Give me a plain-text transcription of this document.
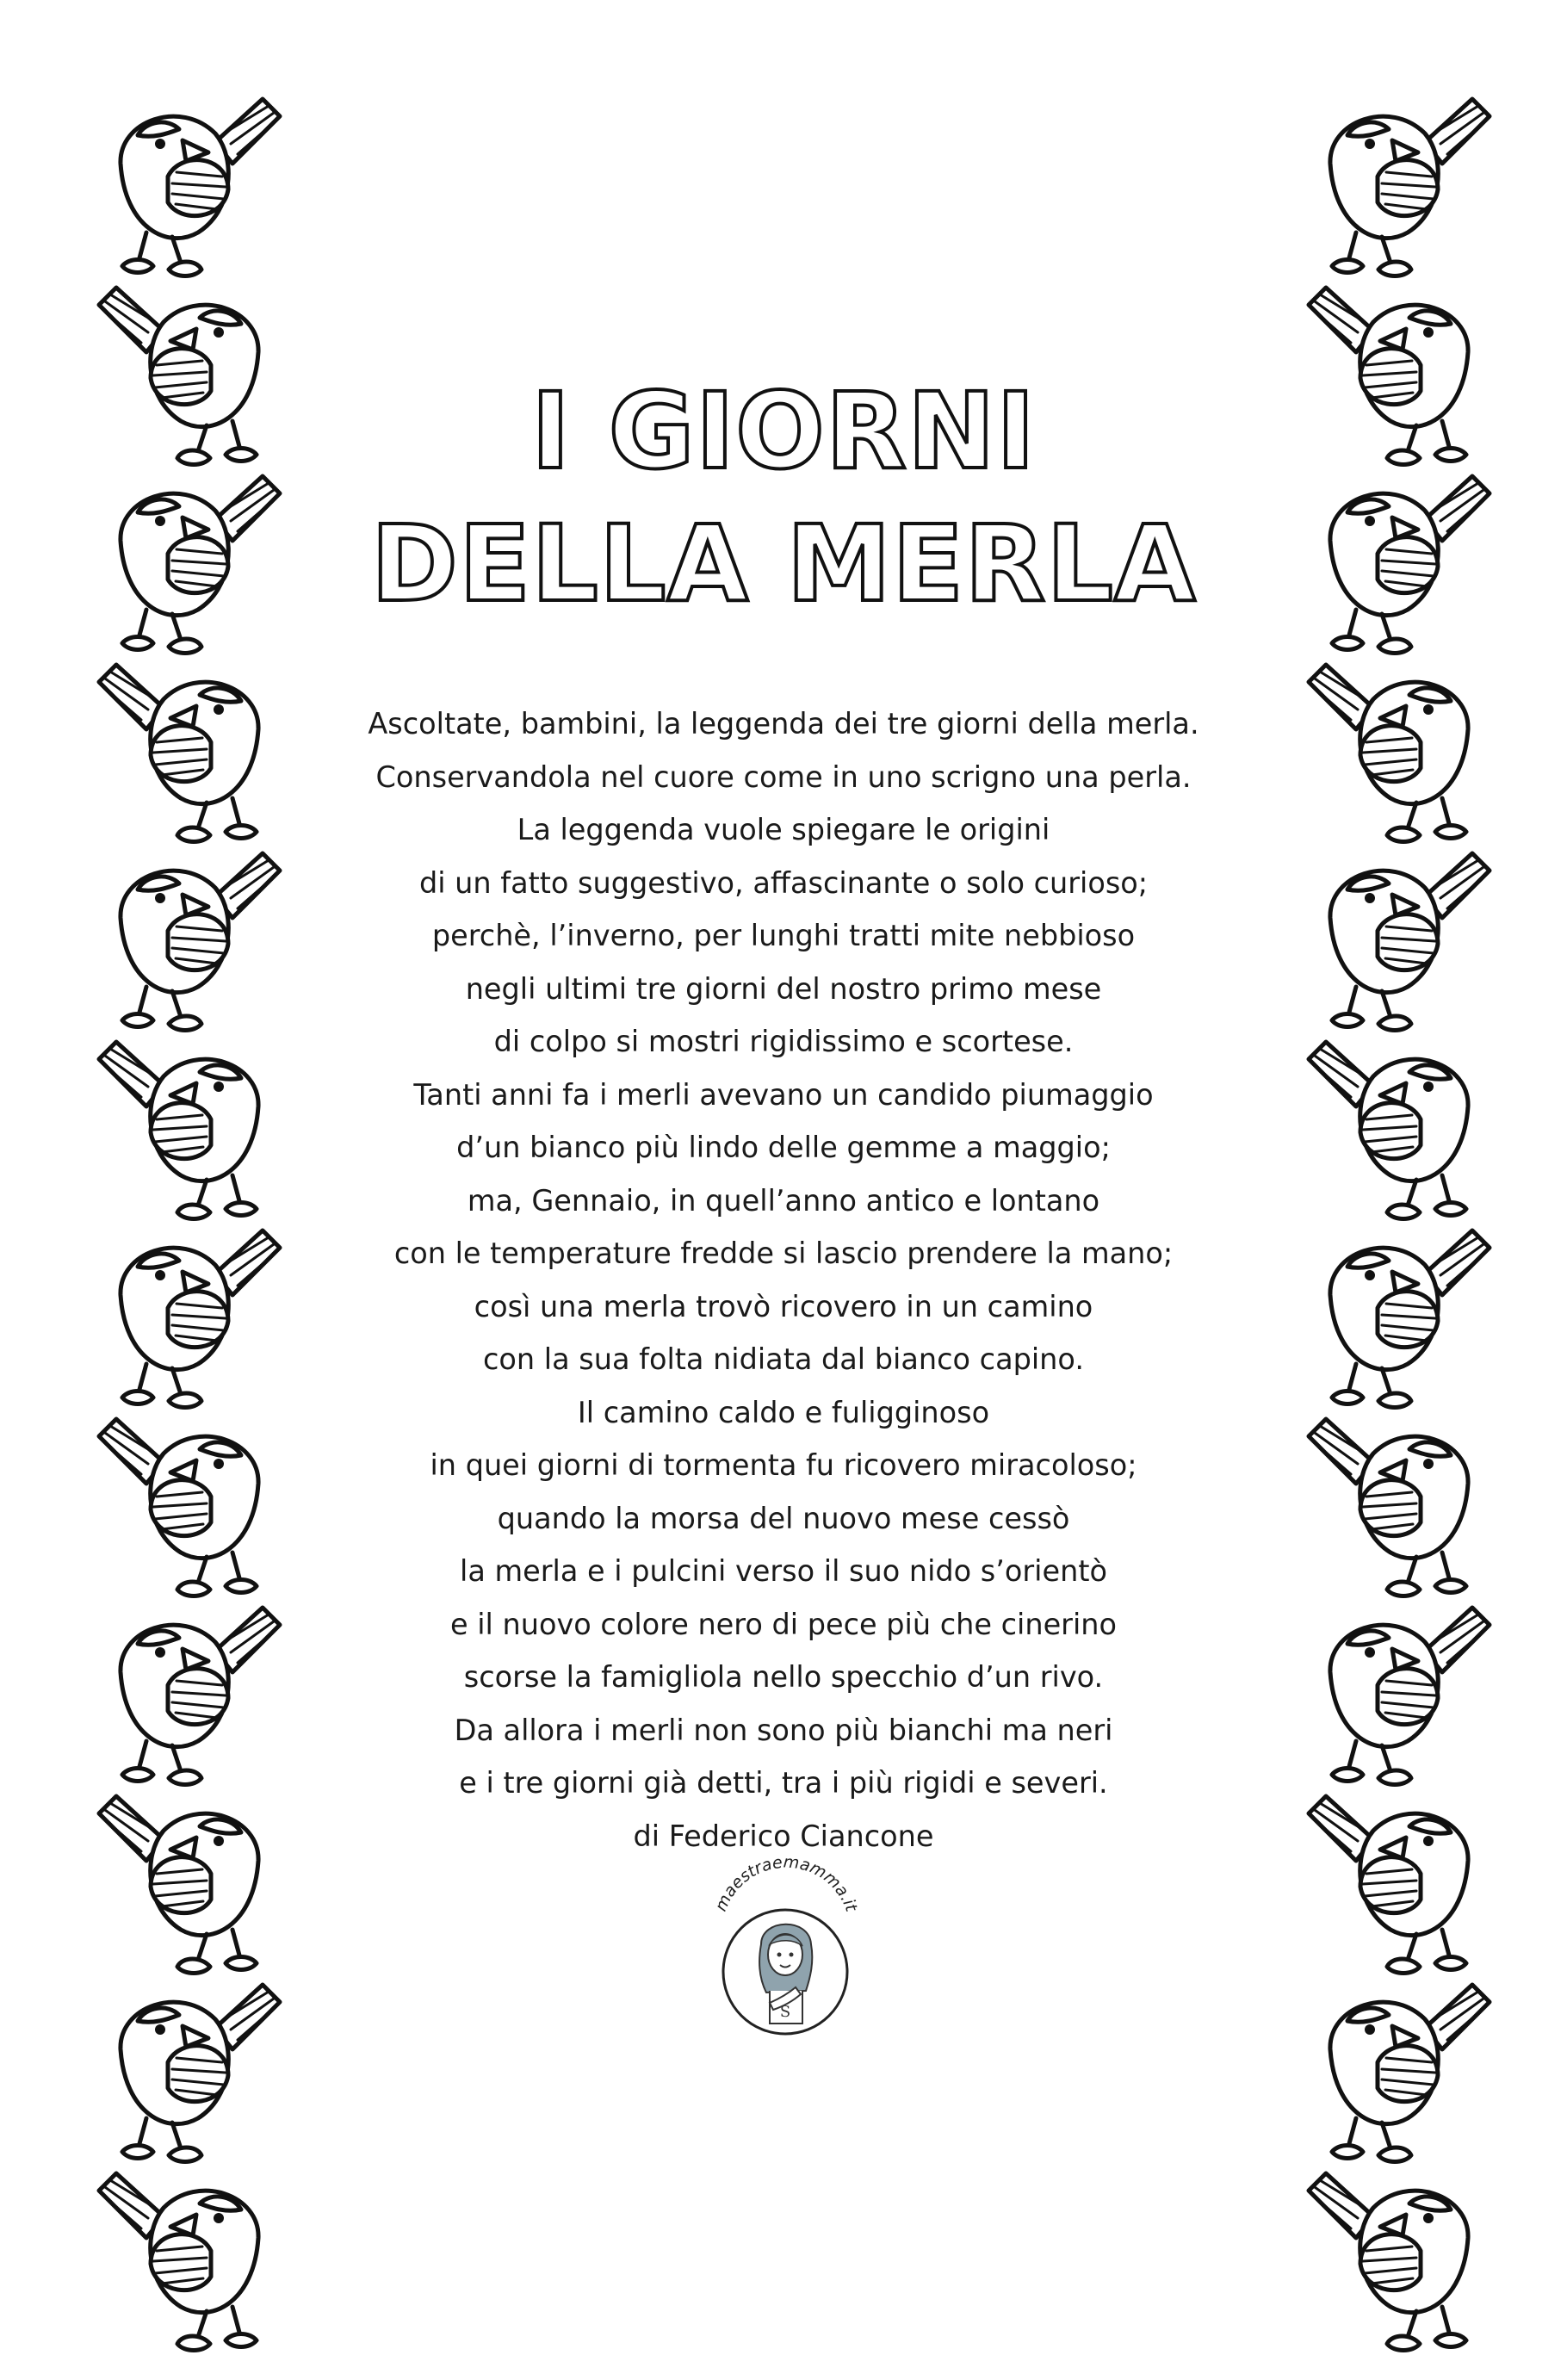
I GIORNI
DELLA MERLA
Ascoltate, bambini, la leggenda dei tre giorni della merla.
Conservandola nel cuore come in uno scrigno una perla.
La leggenda vuole spiegare le origini
di un fatto suggestivo, affascinante o solo curioso;
perchè, l’inverno, per lunghi tratti mite nebbioso
negli ultimi tre giorni del nostro primo mese
di colpo si mostri rigidissimo e scortese.
Tanti anni fa i merli avevano un candido piumaggio
d’un bianco più lindo delle gemme a maggio;
ma, Gennaio, in quell’anno antico e lontano
con le temperature fredde si lascio prendere la mano;
così una merla trovò ricovero in un camino
con la sua folta nidiata dal bianco capino.
Il camino caldo e fuligginoso
in quei giorni di tormenta fu ricovero miracoloso;
quando la morsa del nuovo mese cessò
la merla e i pulcini verso il suo nido s’orientò
e il nuovo colore nero di pece più che cinerino
scorse la famigliola nello specchio d’un rivo.
Da allora i merli non sono più bianchi ma neri
e i tre giorni già detti, tra i più rigidi e severi.
di Federico Ciancone
maestraemamma.it
S
